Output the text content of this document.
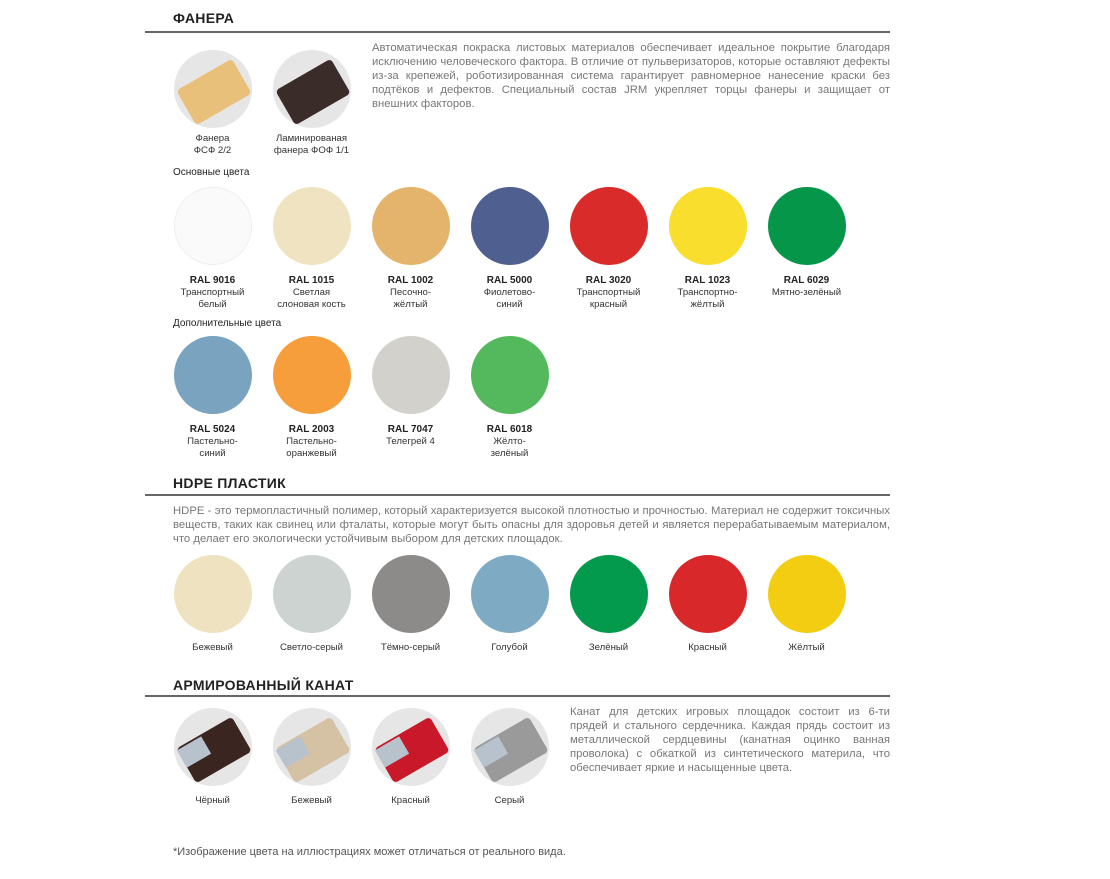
ФАНЕРА
Фанера
ФСФ 2/2
Ламинированая
фанера ФОФ 1/1
Автоматическая покраска листовых материалов обеспечивает идеальное покрытие благодаря исключению человеческого фактора. В отличие от пульверизаторов, которые оставляют дефекты из-за крепежей, роботизированная система гарантирует равномерное нанесение краски без подтёков и дефектов. Специальный состав JRM укрепляет торцы фанеры и защищает от внешних факторов.
Основные цвета
RAL 9016
Транспортный
белый
RAL 1015
Светлая
слоновая кость
RAL 1002
Песочно-
жёлтый
RAL 5000
Фиолетово-
синий
RAL 3020
Транспортный
красный
RAL 1023
Транспортно-
жёлтый
RAL 6029
Мятно-зелёный
Дополнительные цвета
RAL 5024
Пастельно-
синий
RAL 2003
Пастельно-
оранжевый
RAL 7047
Телегрей 4
RAL 6018
Жёлто-
зелёный
HDPE ПЛАСТИК
HDPE - это термопластичный полимер, который характеризуется высокой плотностью и прочностью. Материал не содержит токсичных веществ, таких как свинец или фталаты, которые могут быть опасны для здоровья детей и является перерабатываемым материалом, что делает его экологически устойчивым выбором для детских площадок.
Бежевый	Светло-серый	Тёмно-серый	Голубой	Зелёный	Красный	Жёлтый
АРМИРОВАННЫЙ КАНАТ
Чёрный	Бежевый	Красный	Серый
Канат для детских игровых площадок состоит из 6-ти прядей и стального сердечника. Каждая прядь состоит из металлической сердцевины (канатная оцинко ванная проволока) с обкаткой из синтетического материла, что обеспечивает яркие и насыщенные цвета.
*Изображение цвета на иллюстрациях может отличаться от реального вида.
